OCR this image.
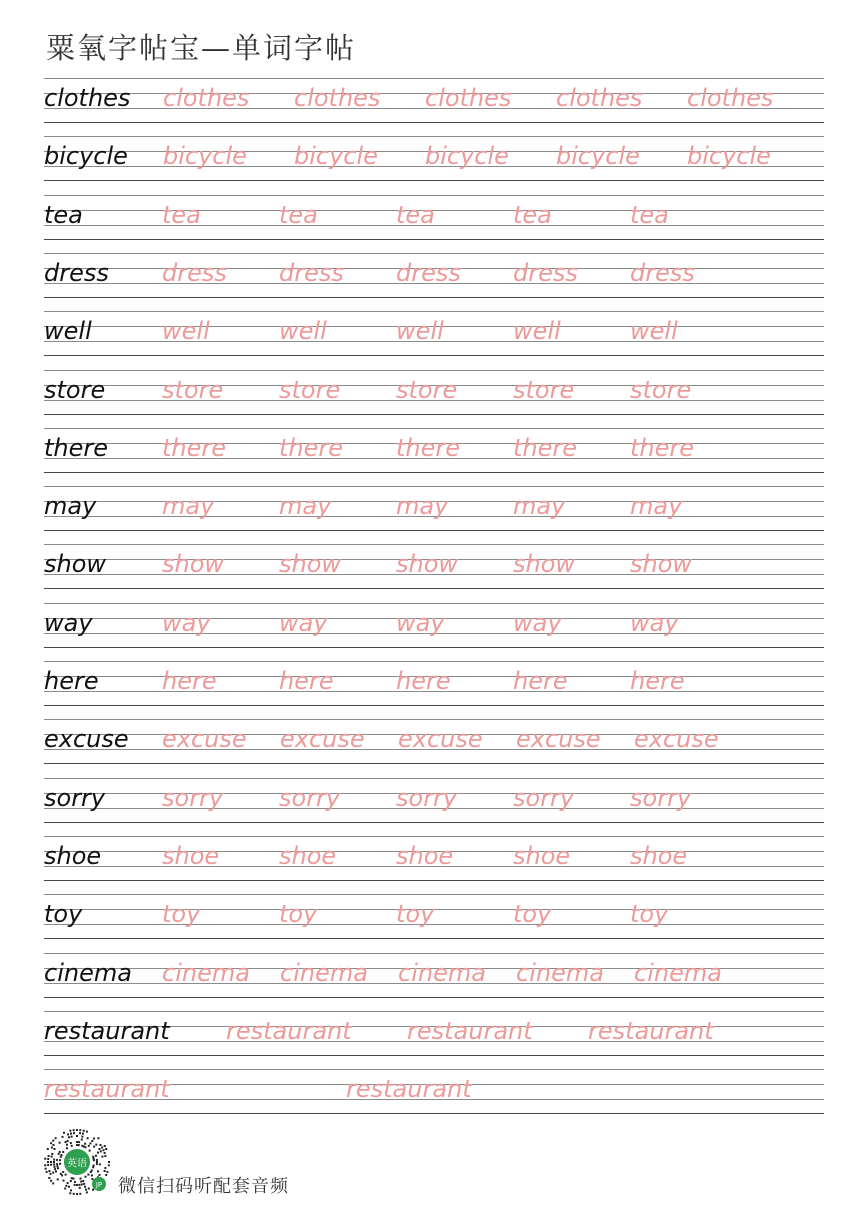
粟氧字帖宝—单词字帖
clothes clothes clothes clothes clothes clothes
bicycle bicycle bicycle bicycle bicycle bicycle
tea	tea	tea	tea	tea	tea
dress dress dress dress dress dress
well	well	well	well	well	well
store store store store store store
there there there there there there
may	may	may	may	may	may
show show show show show show
way	way	way	way	way	way
here	here	here	here	here	here
excuse excuse excuse excuse excuse excuse
sorry sorry sorry sorry sorry sorry
shoe	shoe shoe shoe shoe shoe
toy	toy	toy	toy	toy	toy
cinema cinema cinema cinema cinema cinema
restaurant restaurant restaurant restaurant
restaurant	restaurant
英语
JP 微信扫码听配套音频
